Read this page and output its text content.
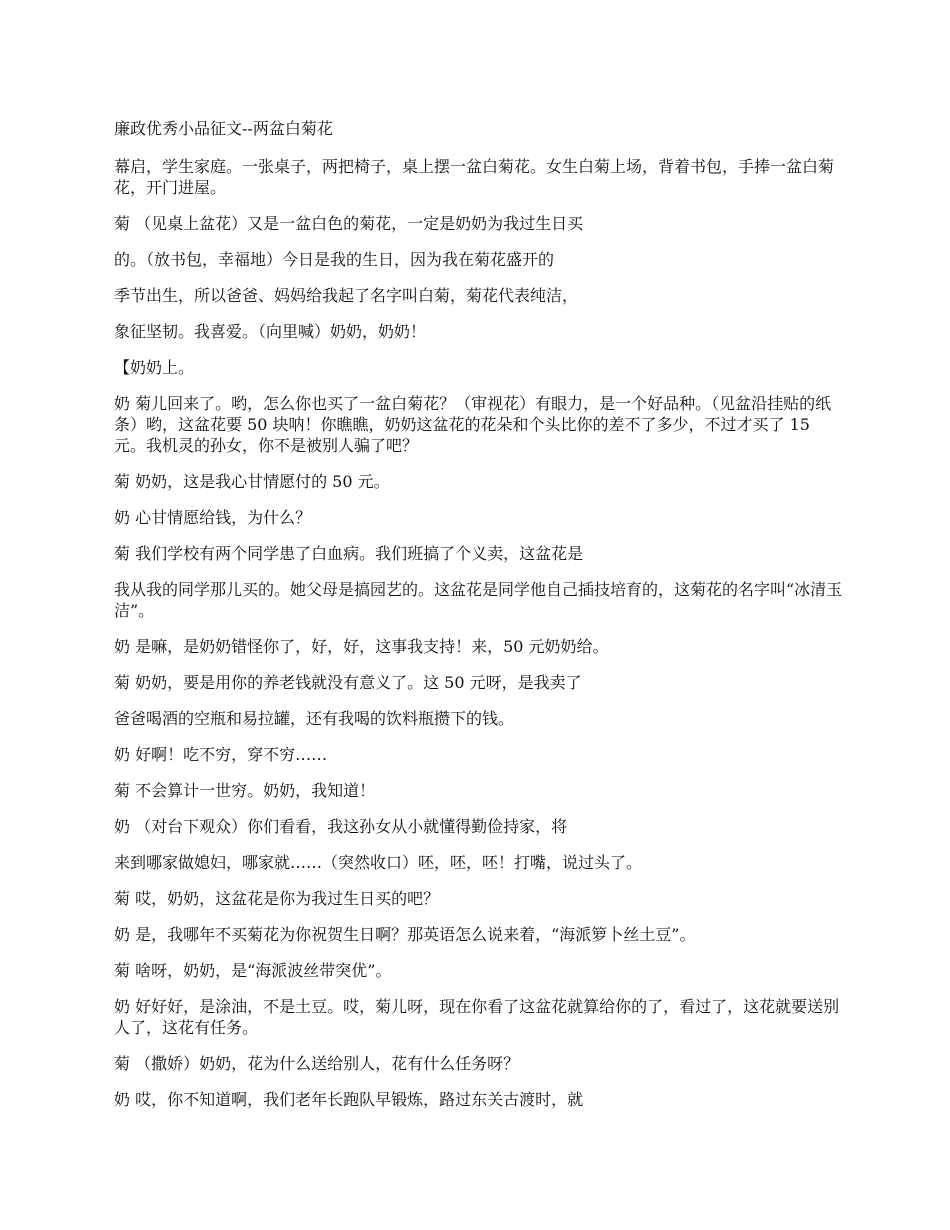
廉政优秀小品征文--两盆白菊花

幕启，学生家庭。一张桌子，两把椅子，桌上摆一盆白菊花。女生白菊上场，背着书包，手捧一盆白菊花，开门进屋。

菊 （见桌上盆花）又是一盆白色的菊花，一定是奶奶为我过生日买

的。（放书包，幸福地）今日是我的生日，因为我在菊花盛开的

季节出生，所以爸爸、妈妈给我起了名字叫白菊，菊花代表纯洁，

象征坚韧。我喜爱。（向里喊）奶奶，奶奶！

【奶奶上。

奶 菊儿回来了。哟，怎么你也买了一盆白菊花？（审视花）有眼力，是一个好品种。（见盆沿挂贴的纸条）哟，这盆花要 50 块呐！你瞧瞧，奶奶这盆花的花朵和个头比你的差不了多少，不过才买了 15 元。我机灵的孙女，你不是被别人骗了吧？

菊 奶奶，这是我心甘情愿付的 50 元。

奶 心甘情愿给钱，为什么？

菊 我们学校有两个同学患了白血病。我们班搞了个义卖，这盆花是

我从我的同学那儿买的。她父母是搞园艺的。这盆花是同学他自己插技培育的，这菊花的名字叫“冰清玉洁”。

奶 是嘛，是奶奶错怪你了，好，好，这事我支持！来，50 元奶奶给。

菊 奶奶，要是用你的养老钱就没有意义了。这 50 元呀，是我卖了

爸爸喝酒的空瓶和易拉罐，还有我喝的饮料瓶攒下的钱。

奶 好啊！吃不穷，穿不穷……

菊 不会算计一世穷。奶奶，我知道！

奶 （对台下观众）你们看看，我这孙女从小就懂得勤俭持家，将

来到哪家做媳妇，哪家就……（突然收口）呸，呸，呸！打嘴，说过头了。

菊 哎，奶奶，这盆花是你为我过生日买的吧？

奶 是，我哪年不买菊花为你祝贺生日啊？那英语怎么说来着，“海派箩卜丝土豆”。

菊 啥呀，奶奶，是“海派波丝带突优”。

奶 好好好，是涂油，不是土豆。哎，菊儿呀，现在你看了这盆花就算给你的了，看过了，这花就要送别人了，这花有任务。

菊 （撒娇）奶奶，花为什么送给别人，花有什么任务呀？

奶 哎，你不知道啊，我们老年长跑队早锻炼，路过东关古渡时，就
